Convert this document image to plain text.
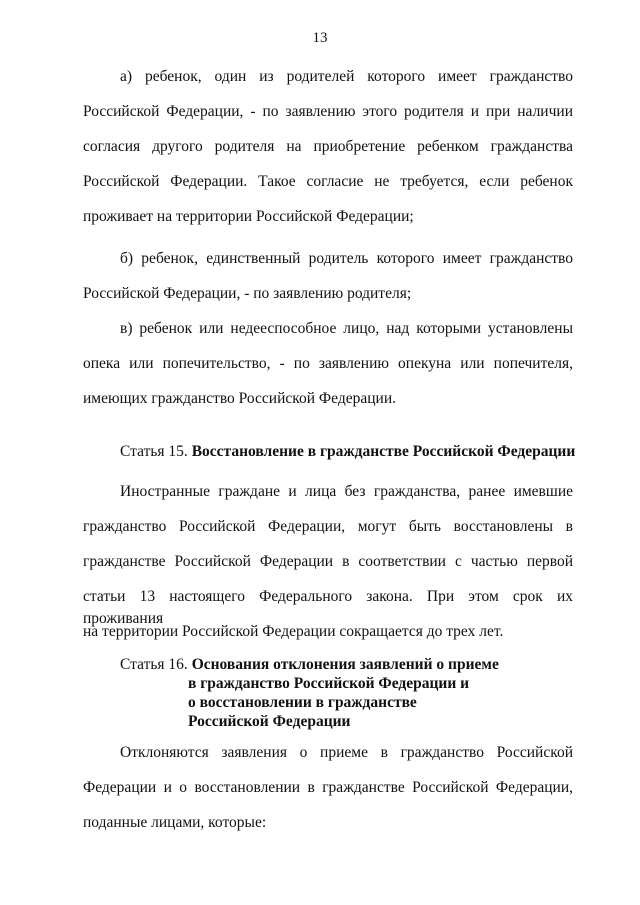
13
а) ребенок, один из родителей которого имеет гражданство
Российской Федерации, - по заявлению этого родителя и при наличии
согласия другого родителя на приобретение ребенком гражданства
Российской Федерации. Такое согласие не требуется, если ребенок
проживает на территории Российской Федерации;
б) ребенок, единственный родитель которого имеет гражданство
Российской Федерации, - по заявлению родителя;
в) ребенок или недееспособное лицо, над которыми установлены
опека или попечительство, - по заявлению опекуна или попечителя,
имеющих гражданство Российской Федерации.
Статья 15. Восстановление в гражданстве Российской Федерации
Иностранные граждане и лица без гражданства, ранее имевшие
гражданство Российской Федерации, могут быть восстановлены в
гражданстве Российской Федерации в соответствии с частью первой
статьи 13 настоящего Федерального закона. При этом срок их проживания
на территории Российской Федерации сокращается до трех лет.
Статья 16. Основания отклонения заявлений о приеме
в гражданство Российской Федерации и
о восстановлении в гражданстве
Российской Федерации
Отклоняются заявления о приеме в гражданство Российской
Федерации и о восстановлении в гражданстве Российской Федерации,
поданные лицами, которые:
